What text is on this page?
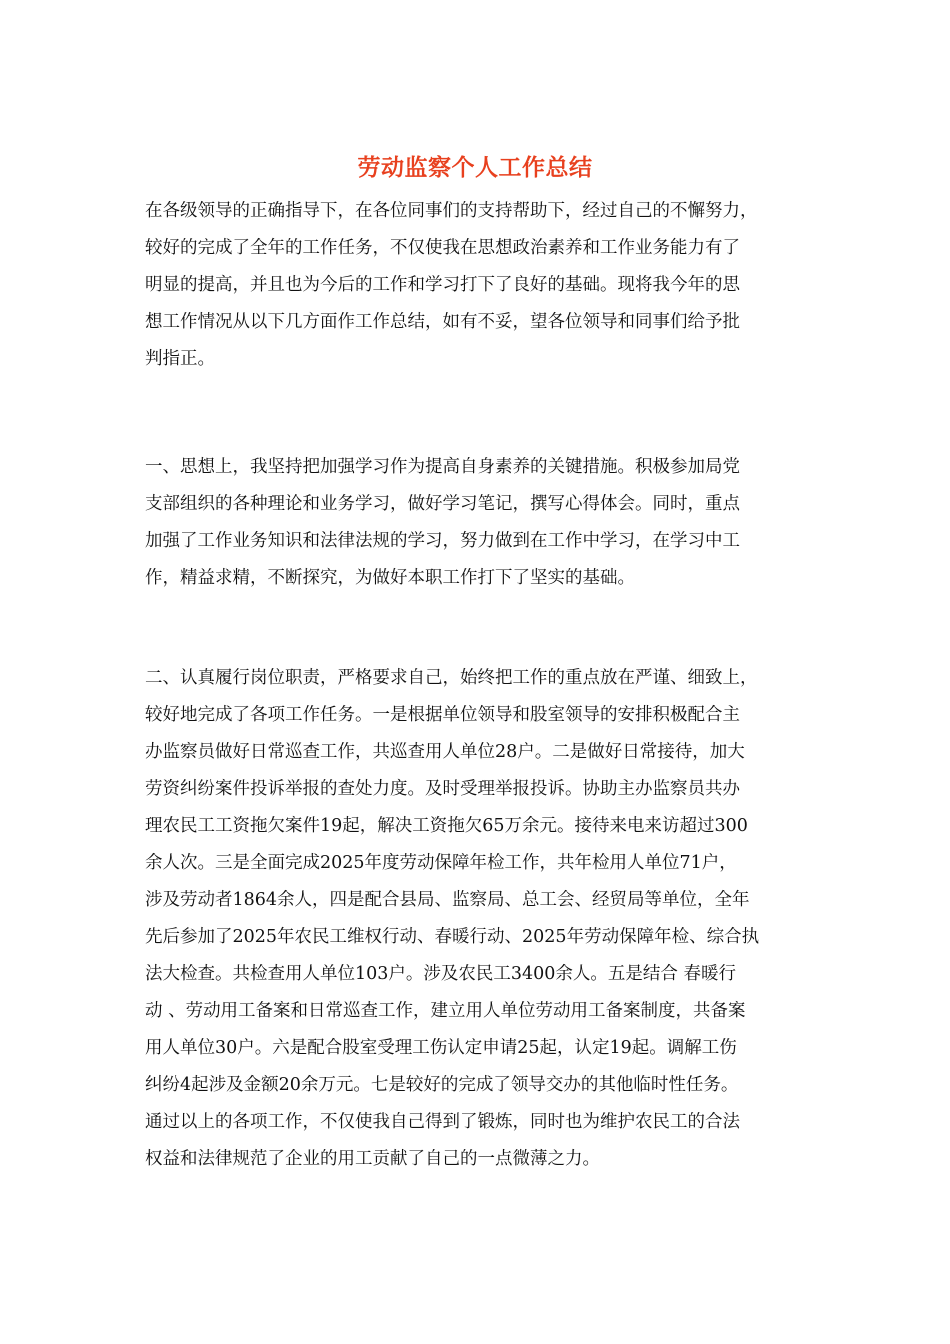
劳动监察个人工作总结
在各级领导的正确指导下，在各位同事们的支持帮助下，经过自己的不懈努力，
较好的完成了全年的工作任务，不仅使我在思想政治素养和工作业务能力有了
明显的提高，并且也为今后的工作和学习打下了良好的基础。现将我今年的思
想工作情况从以下几方面作工作总结，如有不妥，望各位领导和同事们给予批
判指正。
一、思想上，我坚持把加强学习作为提高自身素养的关键措施。积极参加局党
支部组织的各种理论和业务学习，做好学习笔记，撰写心得体会。同时，重点
加强了工作业务知识和法律法规的学习，努力做到在工作中学习，在学习中工
作，精益求精，不断探究，为做好本职工作打下了坚实的基础。
二、认真履行岗位职责，严格要求自己，始终把工作的重点放在严谨、细致上，
较好地完成了各项工作任务。一是根据单位领导和股室领导的安排积极配合主
办监察员做好日常巡查工作，共巡查用人单位28户。二是做好日常接待，加大
劳资纠纷案件投诉举报的查处力度。及时受理举报投诉。协助主办监察员共办
理农民工工资拖欠案件19起，解决工资拖欠65万余元。接待来电来访超过300
余人次。三是全面完成2025年度劳动保障年检工作，共年检用人单位71户，
涉及劳动者1864余人，四是配合县局、监察局、总工会、经贸局等单位，全年
先后参加了2025年农民工维权行动、春暖行动、2025年劳动保障年检、综合执
法大检查。共检查用人单位103户。涉及农民工3400余人。五是结合 春暖行
动 、劳动用工备案和日常巡查工作，建立用人单位劳动用工备案制度，共备案
用人单位30户。六是配合股室受理工伤认定申请25起，认定19起。调解工伤
纠纷4起涉及金额20余万元。七是较好的完成了领导交办的其他临时性任务。
通过以上的各项工作，不仅使我自己得到了锻炼，同时也为维护农民工的合法
权益和法律规范了企业的用工贡献了自己的一点微薄之力。
